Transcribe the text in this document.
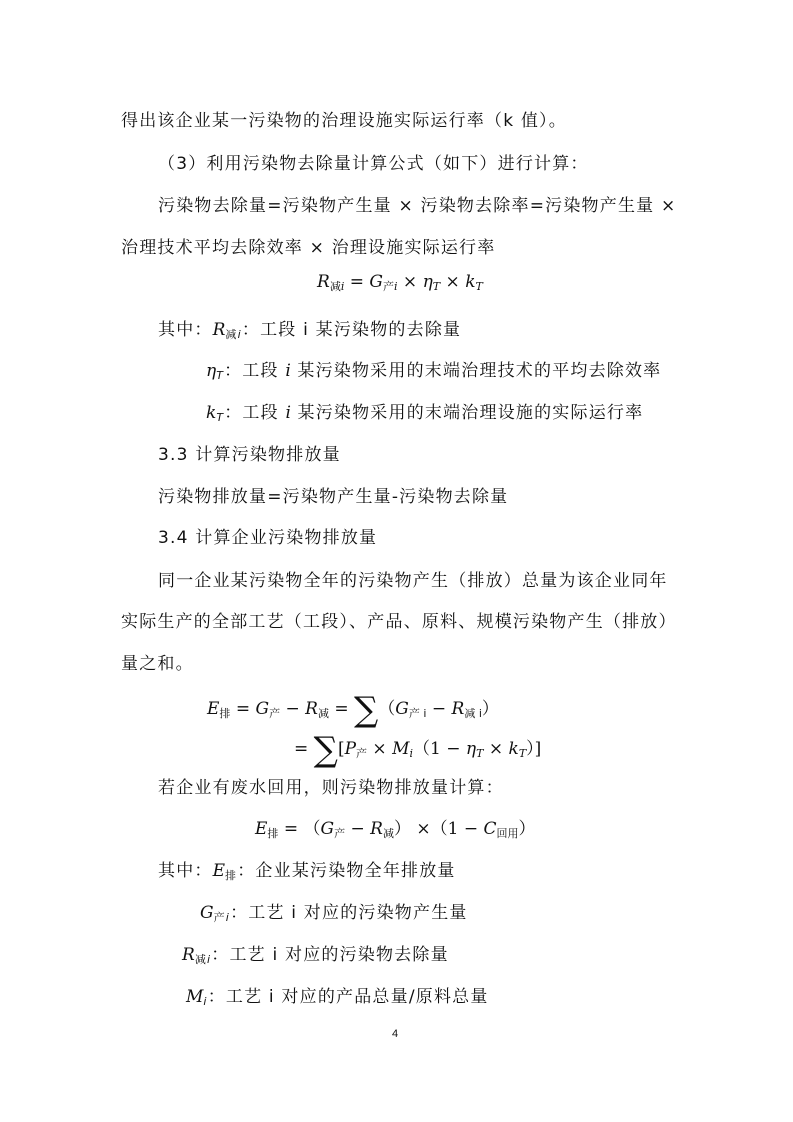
得出该企业某一污染物的治理设施实际运行率（k 值）。
（3）利用污染物去除量计算公式（如下）进行计算：
污染物去除量=污染物产生量 × 污染物去除率=污染物产生量 ×
治理技术平均去除效率 × 治理设施实际运行率
$R_减i = G_产i \times \eta T$ × kT
其中：$R_减i$：工段 i 某污染物的去除量
ηT：工段 i 某污染物采用的末端治理技术的平均去除效率
kT：工段 i 某污染物采用的末端治理设施的实际运行率
3.3 计算污染物排放量
污染物排放量=污染物产生量-污染物去除量
3.4 计算企业污染物排放量
同一企业某污染物全年的污染物产生（排放）总量为该企业同年
实际生产的全部工艺（工段）、产品、原料、规模污染物产生（排放）
量之和。
$E_排 = G_产 - R_减 = \sum(G_产$ $_i - R_减$ $_i$）
= $\sum[P_产 \times Mi(1 - \eta T \times kT)]$
若企业有废水回用，则污染物排放量计算：
$E_排 = (G_产 - R_减) \times(1 - C_{回用})$
其中：$E_排$：企业某污染物全年排放量
$G_产i$：工艺 i 对应的污染物产生量
$R_减i$：工艺 i 对应的污染物去除量
Mi：工艺 i 对应的产品总量/原料总量
4
